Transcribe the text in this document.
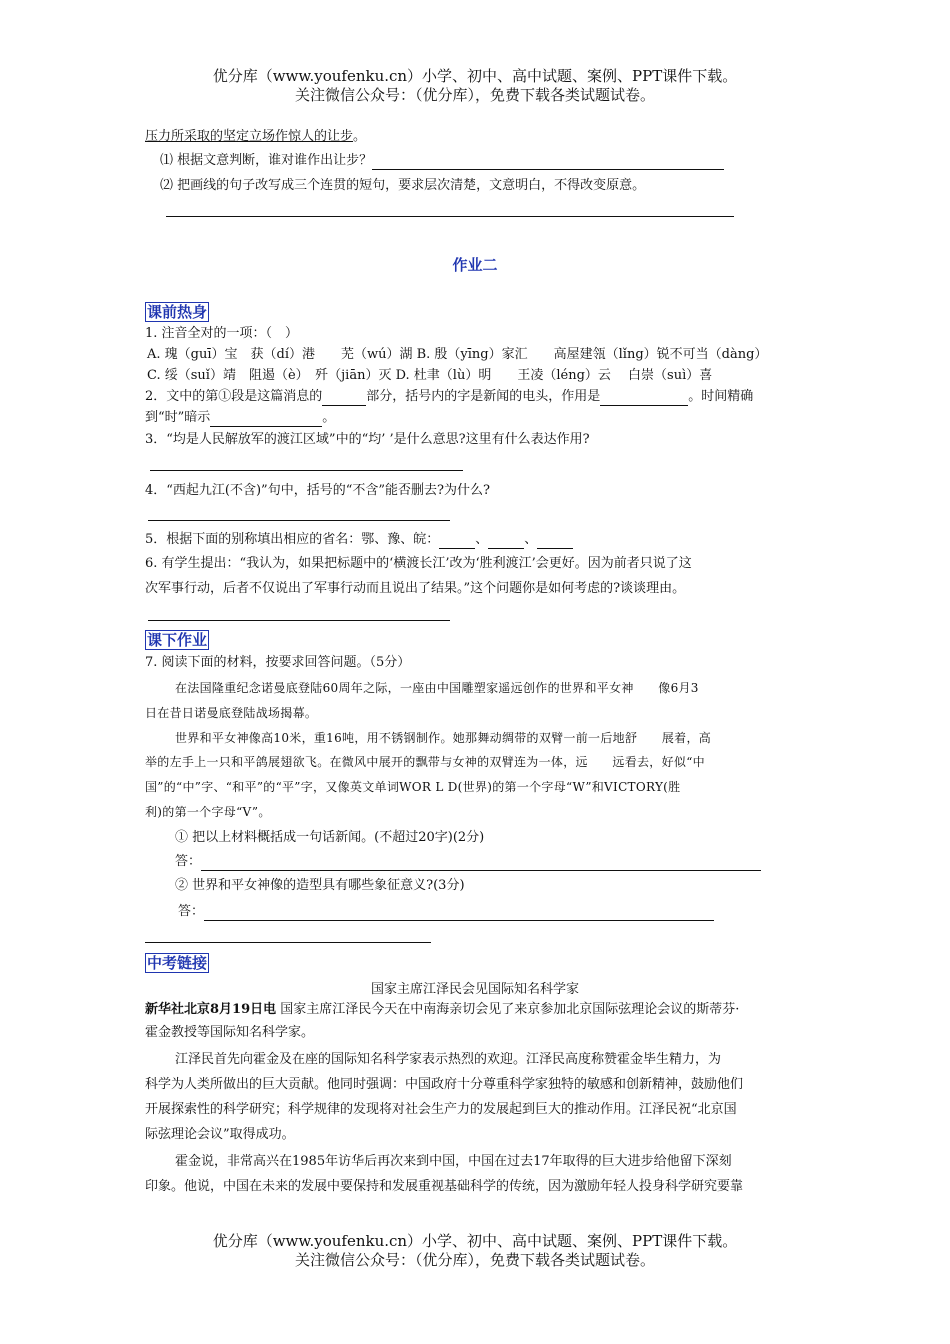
优分库（www.youfenku.cn）小学、初中、高中试题、案例、PPT课件下载。
关注微信公众号：（优分库），免费下载各类试题试卷。
压力所采取的坚定立场作惊人的让步。
⑴ 根据文意判断，谁对谁作出让步？
⑵ 把画线的句子改写成三个连贯的短句，要求层次清楚，文意明白，不得改变原意。
作业二
课前热身
1. 注音全对的一项：（　）
A. 瑰（guī）宝　获（dí）港　　芜（wú）湖 B. 殷（yīng）家汇　　高屋建瓴（lǐng）锐不可当（dàng）
C. 绥（suǐ）靖　阻遏（è）　歼（jiān）灭 D. 杜聿（lù）明　　王凌（léng）云　 白崇（suì）喜
2．文中的第①段是这篇消息的	部分，括号内的字是新闻的电头，作用是	。时间精确
到“时”暗示	。
3．“均是人民解放军的渡江区域”中的“均’ ’是什么意思?这里有什么表达作用?
4．“西起九江(不含)”句中，括号的“不含”能否删去?为什么?
5．根据下面的别称填出相应的省名：鄂、豫、皖：	、	、
6. 有学生提出：“我认为，如果把标题中的‘横渡长江’改为‘胜利渡江’会更好。因为前者只说了这
次军事行动，后者不仅说出了军事行动而且说出了结果。”这个问题你是如何考虑的?谈谈理由。
课下作业
7. 阅读下面的材料，按要求回答问题。（5分）
在法国隆重纪念诺曼底登陆60周年之际，一座由中国雕塑家遥远创作的世界和平女神　　像6月3
日在昔日诺曼底登陆战场揭幕。
世界和平女神像高10米，重16吨，用不锈钢制作。她那舞动绸带的双臂一前一后地舒　　展着，高
举的左手上一只和平鸽展翅欲飞。在微风中展开的飘带与女神的双臂连为一体，远　　远看去，好似“中
国”的“中”字、“和平”的“平”字，又像英文单词WOR L D(世界)的第一个字母“W”和VICTORY(胜
利)的第一个字母“V”。
① 把以上材料概括成一句话新闻。(不超过20字)(2分)
答：
② 世界和平女神像的造型具有哪些象征意义?(3分)
答：
中考链接
国家主席江泽民会见国际知名科学家
新华社北京8月19日电 国家主席江泽民今天在中南海亲切会见了来京参加北京国际弦理论会议的斯蒂芬·
霍金教授等国际知名科学家。
江泽民首先向霍金及在座的国际知名科学家表示热烈的欢迎。江泽民高度称赞霍金毕生精力，为
科学为人类所做出的巨大贡献。他同时强调：中国政府十分尊重科学家独特的敏感和创新精神，鼓励他们
开展探索性的科学研究；科学规律的发现将对社会生产力的发展起到巨大的推动作用。江泽民祝“北京国
际弦理论会议”取得成功。
霍金说，非常高兴在1985年访华后再次来到中国，中国在过去17年取得的巨大进步给他留下深刻
印象。他说，中国在未来的发展中要保持和发展重视基础科学的传统，因为激励年轻人投身科学研究要靠
优分库（www.youfenku.cn）小学、初中、高中试题、案例、PPT课件下载。
关注微信公众号：（优分库），免费下载各类试题试卷。
